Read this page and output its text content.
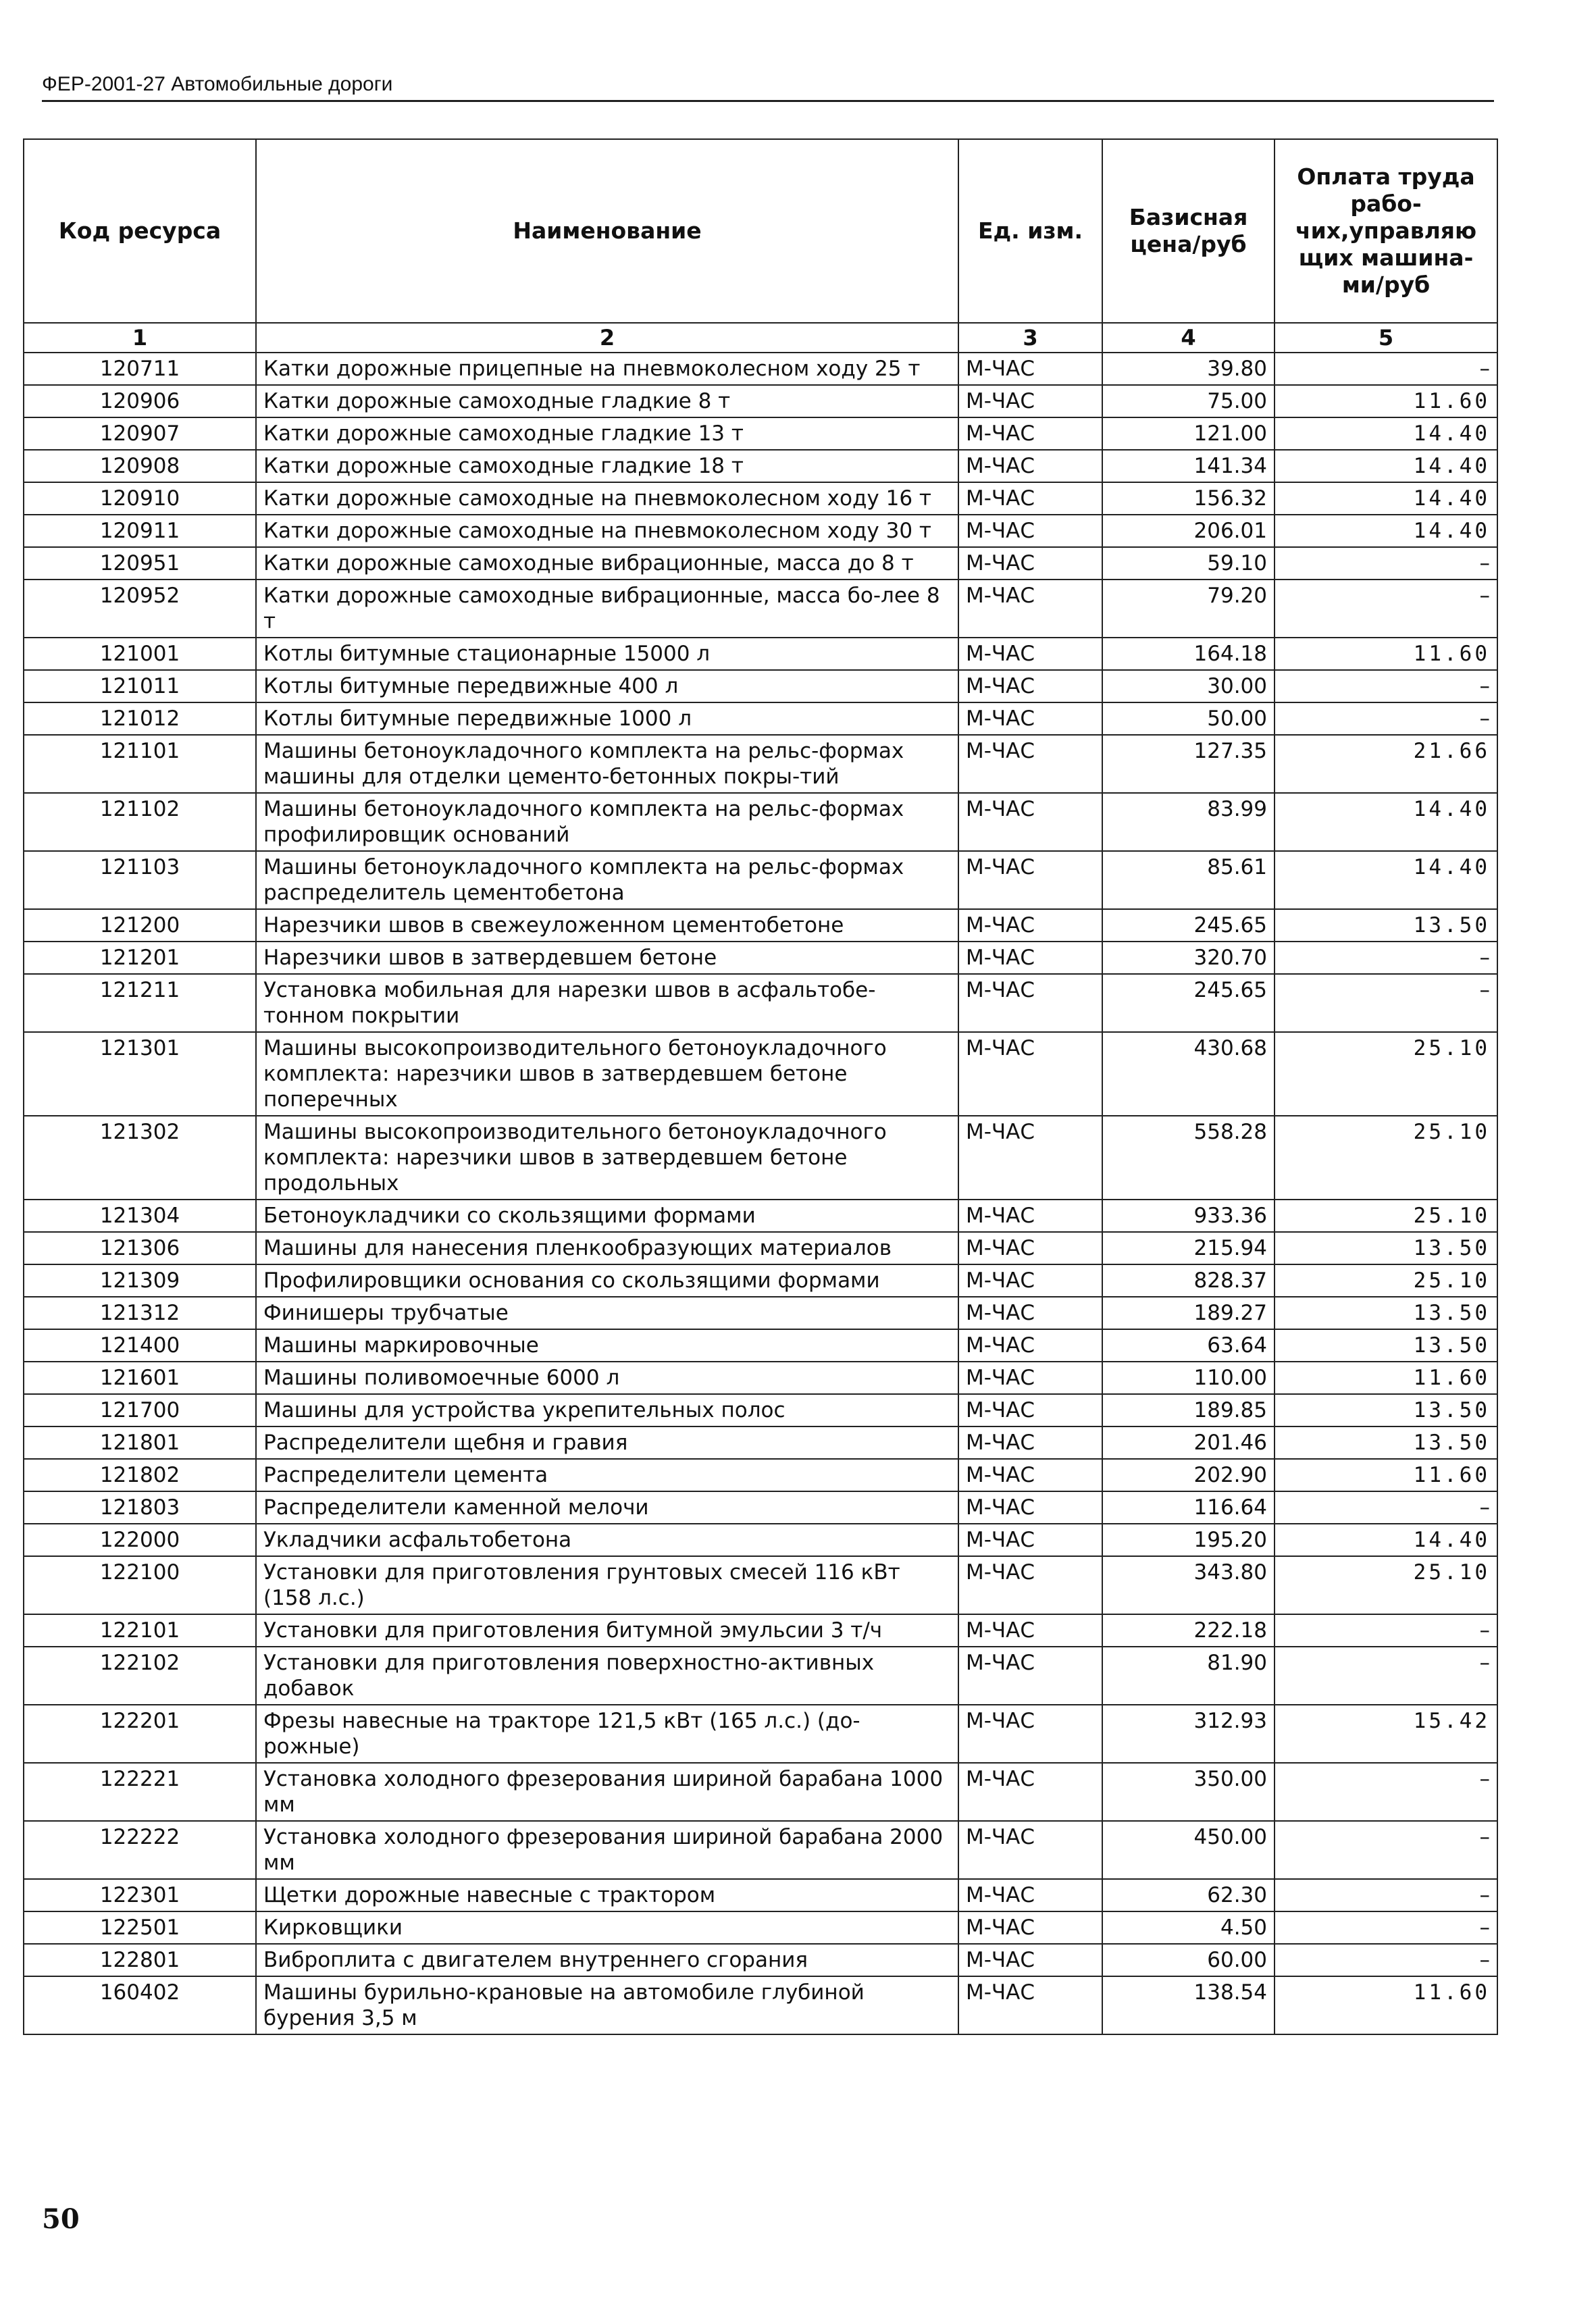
ФЕР-2001-27 Автомобильные дороги
Код ресурса	Наименование	Ед. изм.	Базисная цена/руб	Оплата труда рабо-чих,управляю щих машина-ми/руб
1	2	3	4	5
120711	Катки дорожные прицепные на пневмоколесном ходу 25 т	М-ЧАС	39.80	–
120906	Катки дорожные самоходные гладкие 8 т	М-ЧАС	75.00	11.60
120907	Катки дорожные самоходные гладкие 13 т	М-ЧАС	121.00	14.40
120908	Катки дорожные самоходные гладкие 18 т	М-ЧАС	141.34	14.40
120910	Катки дорожные самоходные на пневмоколесном ходу 16 т	М-ЧАС	156.32	14.40
120911	Катки дорожные самоходные на пневмоколесном ходу 30 т	М-ЧАС	206.01	14.40
120951	Катки дорожные самоходные вибрационные, масса до 8 т	М-ЧАС	59.10	–
120952	Катки дорожные самоходные вибрационные, масса бо-лее 8 т	М-ЧАС	79.20	–
121001	Котлы битумные стационарные 15000 л	М-ЧАС	164.18	11.60
121011	Котлы битумные передвижные 400 л	М-ЧАС	30.00	–
121012	Котлы битумные передвижные 1000 л	М-ЧАС	50.00	–
121101	Машины бетоноукладочного комплекта на рельс-формах машины для отделки цементо-бетонных покры-тий	М-ЧАС	127.35	21.66
121102	Машины бетоноукладочного комплекта на рельс-формах профилировщик оснований	М-ЧАС	83.99	14.40
121103	Машины бетоноукладочного комплекта на рельс-формах распределитель цементобетона	М-ЧАС	85.61	14.40
121200	Нарезчики швов в свежеуложенном цементобетоне	М-ЧАС	245.65	13.50
121201	Нарезчики швов в затвердевшем бетоне	М-ЧАС	320.70	–
121211	Установка мобильная для нарезки швов в асфальтобе-тонном покрытии	М-ЧАС	245.65	–
121301	Машины высокопроизводительного бетоноукладочного комплекта: нарезчики швов в затвердевшем бетоне поперечных	М-ЧАС	430.68	25.10
121302	Машины высокопроизводительного бетоноукладочного комплекта: нарезчики швов в затвердевшем бетоне продольных	М-ЧАС	558.28	25.10
121304	Бетоноукладчики со скользящими формами	М-ЧАС	933.36	25.10
121306	Машины для нанесения пленкообразующих материалов	М-ЧАС	215.94	13.50
121309	Профилировщики основания со скользящими формами	М-ЧАС	828.37	25.10
121312	Финишеры трубчатые	М-ЧАС	189.27	13.50
121400	Машины маркировочные	М-ЧАС	63.64	13.50
121601	Машины поливомоечные 6000 л	М-ЧАС	110.00	11.60
121700	Машины для устройства укрепительных полос	М-ЧАС	189.85	13.50
121801	Распределители щебня и гравия	М-ЧАС	201.46	13.50
121802	Распределители цемента	М-ЧАС	202.90	11.60
121803	Распределители каменной мелочи	М-ЧАС	116.64	–
122000	Укладчики асфальтобетона	М-ЧАС	195.20	14.40
122100	Установки для приготовления грунтовых смесей 116 кВт (158 л.с.)	М-ЧАС	343.80	25.10
122101	Установки для приготовления битумной эмульсии 3 т/ч	М-ЧАС	222.18	–
122102	Установки для приготовления поверхностно-активных добавок	М-ЧАС	81.90	–
122201	Фрезы навесные на тракторе 121,5 кВт (165 л.с.) (до-рожные)	М-ЧАС	312.93	15.42
122221	Установка холодного фрезерования шириной барабана 1000 мм	М-ЧАС	350.00	–
122222	Установка холодного фрезерования шириной барабана 2000 мм	М-ЧАС	450.00	–
122301	Щетки дорожные навесные с трактором	М-ЧАС	62.30	–
122501	Кирковщики	М-ЧАС	4.50	–
122801	Виброплита с двигателем внутреннего сгорания	М-ЧАС	60.00	–
160402	Машины бурильно-крановые на автомобиле глубиной бурения 3,5 м	М-ЧАС	138.54	11.60
50
